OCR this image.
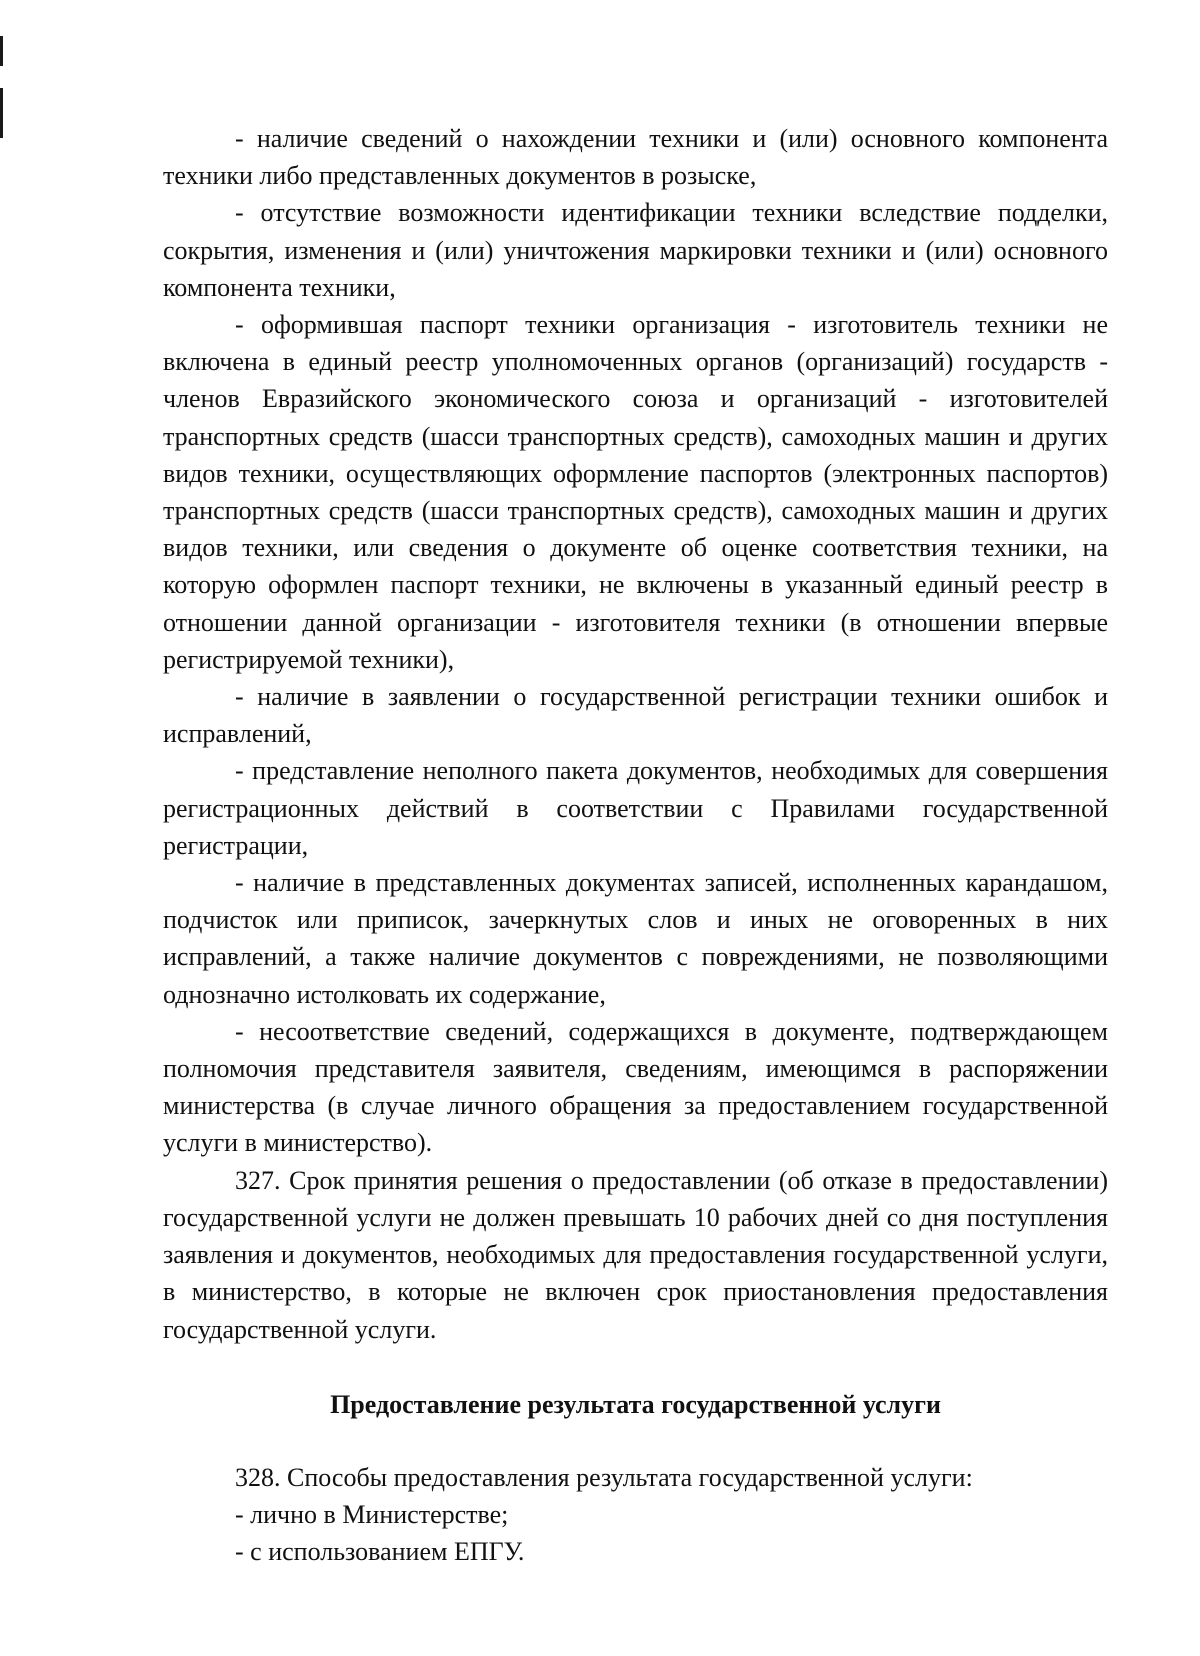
- наличие сведений о нахождении техники и (или) основного компонента техники либо представленных документов в розыске,

- отсутствие возможности идентификации техники вследствие подделки, сокрытия, изменения и (или) уничтожения маркировки техники и (или) основного компонента техники,

- оформившая паспорт техники организация - изготовитель техники не включена в единый реестр уполномоченных органов (организаций) государств - членов Евразийского экономического союза и организаций - изготовителей транспортных средств (шасси транспортных средств), самоходных машин и других видов техники, осуществляющих оформление паспортов (электронных паспортов) транспортных средств (шасси транспортных средств), самоходных машин и других видов техники, или сведения о документе об оценке соответствия техники, на которую оформлен паспорт техники, не включены в указанный единый реестр в отношении данной организации - изготовителя техники (в отношении впервые регистрируемой техники),

- наличие в заявлении о государственной регистрации техники ошибок и исправлений,

- представление неполного пакета документов, необходимых для совершения регистрационных действий в соответствии с Правилами государственной регистрации,

- наличие в представленных документах записей, исполненных карандашом, подчисток или приписок, зачеркнутых слов и иных не оговоренных в них исправлений, а также наличие документов с повреждениями, не позволяющими однозначно истолковать их содержание,

- несоответствие сведений, содержащихся в документе, подтверждающем полномочия представителя заявителя, сведениям, имеющимся в распоряжении министерства (в случае личного обращения за предоставлением государственной услуги в министерство).

327. Срок принятия решения о предоставлении (об отказе в предоставлении) государственной услуги не должен превышать 10 рабочих дней со дня поступления заявления и документов, необходимых для предоставления государственной услуги, в министерство, в которые не включен срок приостановления предоставления государственной услуги.

Предоставление результата государственной услуги

328. Способы предоставления результата государственной услуги:

- лично в Министерстве;

- с использованием ЕПГУ.
